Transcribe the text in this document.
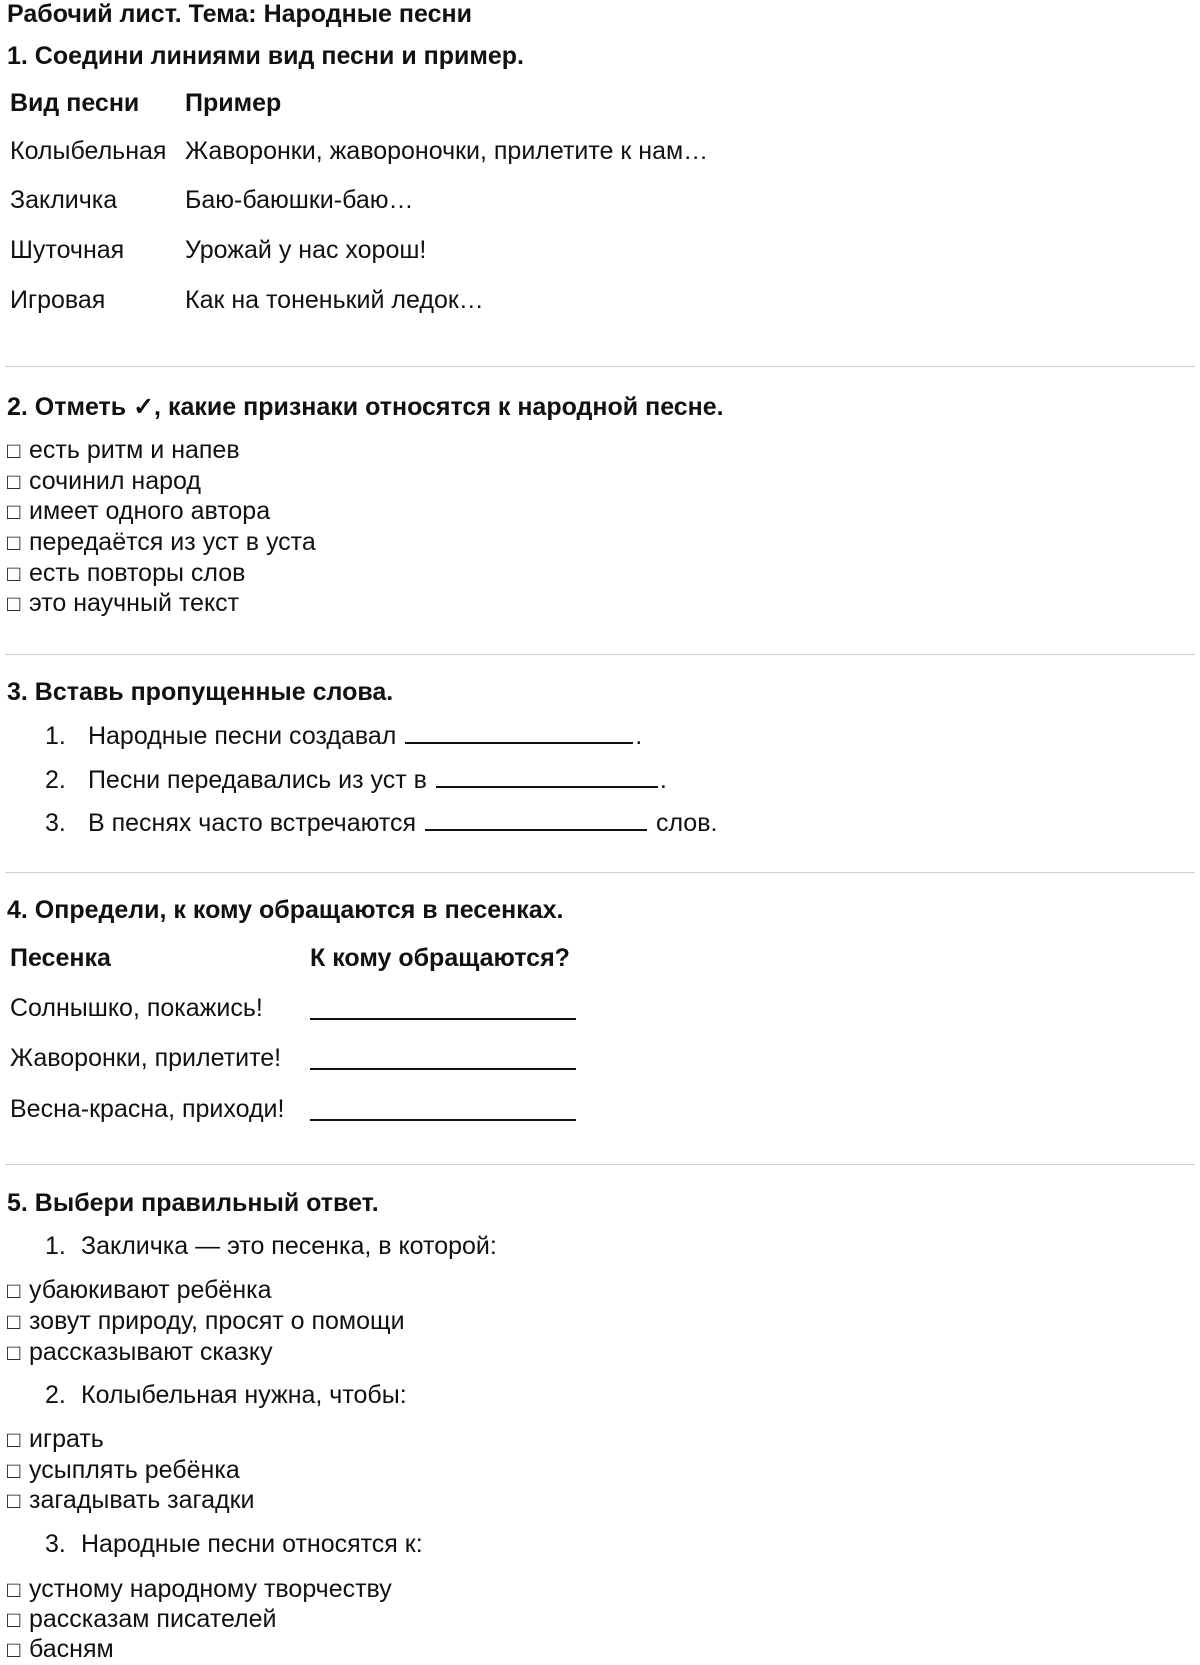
Рабочий лист. Тема: Народные песни
1. Соедини линиями вид песни и пример.
Вид песни Пример
Колыбельная Жаворонки, жавороночки, прилетите к нам…
Закличка	Баю-баюшки-баю…
Шуточная Урожай у нас хорош!
Игровая	Как на тоненький ледок…
2. Отметь ✓, какие признаки относятся к народной песне.
□ есть ритм и напев
□ сочинил народ
□ имеет одного автора
□ передаётся из уст в уста
□ есть повторы слов
□ это научный текст
3. Вставь пропущенные слова.
1. Народные песни создавал	.
2. Песни передавались из уст в	.
3. В песнях часто встречаются	слов.
4. Определи, к кому обращаются в песенках.
Песенка	К кому обращаются?
Солнышко, покажись!
Жаворонки, прилетите!
Весна-красна, приходи!
5. Выбери правильный ответ.
1. Закличка — это песенка, в которой:
□ убаюкивают ребёнка
□ зовут природу, просят о помощи
□ рассказывают сказку
2. Колыбельная нужна, чтобы:
□ играть
□ усыплять ребёнка
□ загадывать загадки
3. Народные песни относятся к:
□ устному народному творчеству
□ рассказам писателей
□ басням
